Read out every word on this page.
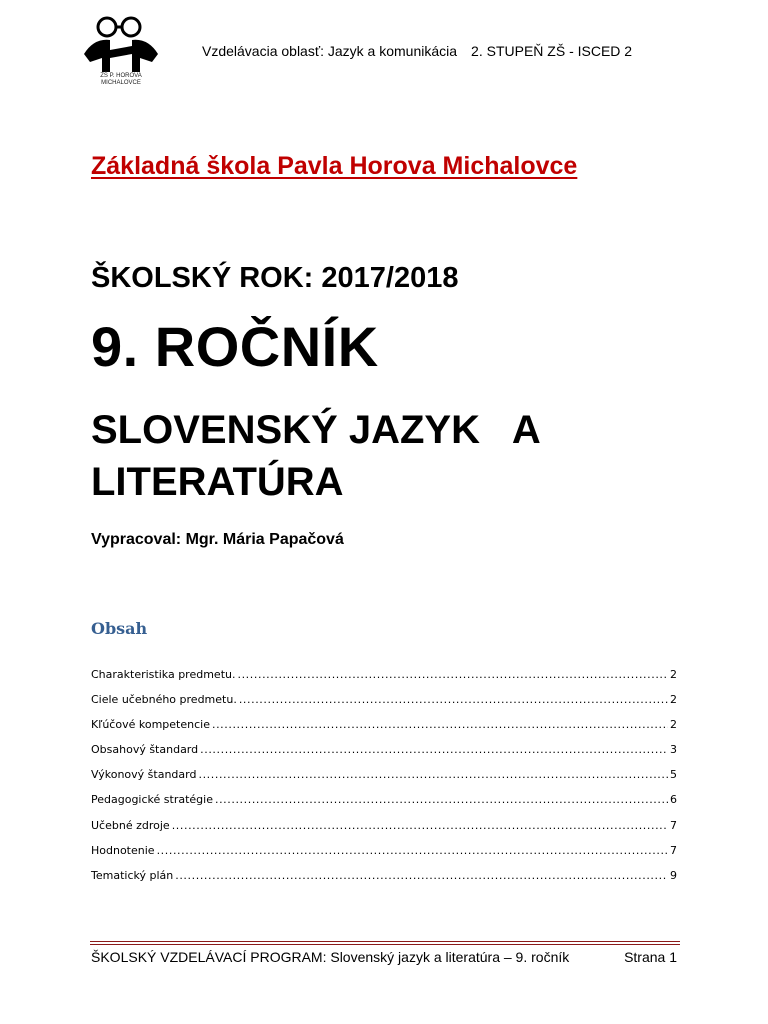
ZŠ P. HOROVA
MICHALOVCE
Vzdelávacia oblasť: Jazyk a komunikácia 2. STUPEŇ ZŠ - ISCED 2
Základná škola Pavla Horova Michalovce
ŠKOLSKÝ ROK: 2017/2018
9. ROČNÍK
SLOVENSKÝ JAZYK   A
LITERATÚRA
Vypracoval: Mgr. Mária Papačová
Obsah
Charakteristika predmetu. .....	2
Ciele učebného predmetu. .....	2
Kľúčové kompetencie .....	2
Obsahový štandard .....	3
Výkonový štandard .....	5
Pedagogické stratégie .....	6
Učebné zdroje .....	7
Hodnotenie .....	7
Tematický plán .....	9
ŠKOLSKÝ VZDELÁVACÍ PROGRAM: Slovenský jazyk a literatúra – 9. ročník	Strana 1
